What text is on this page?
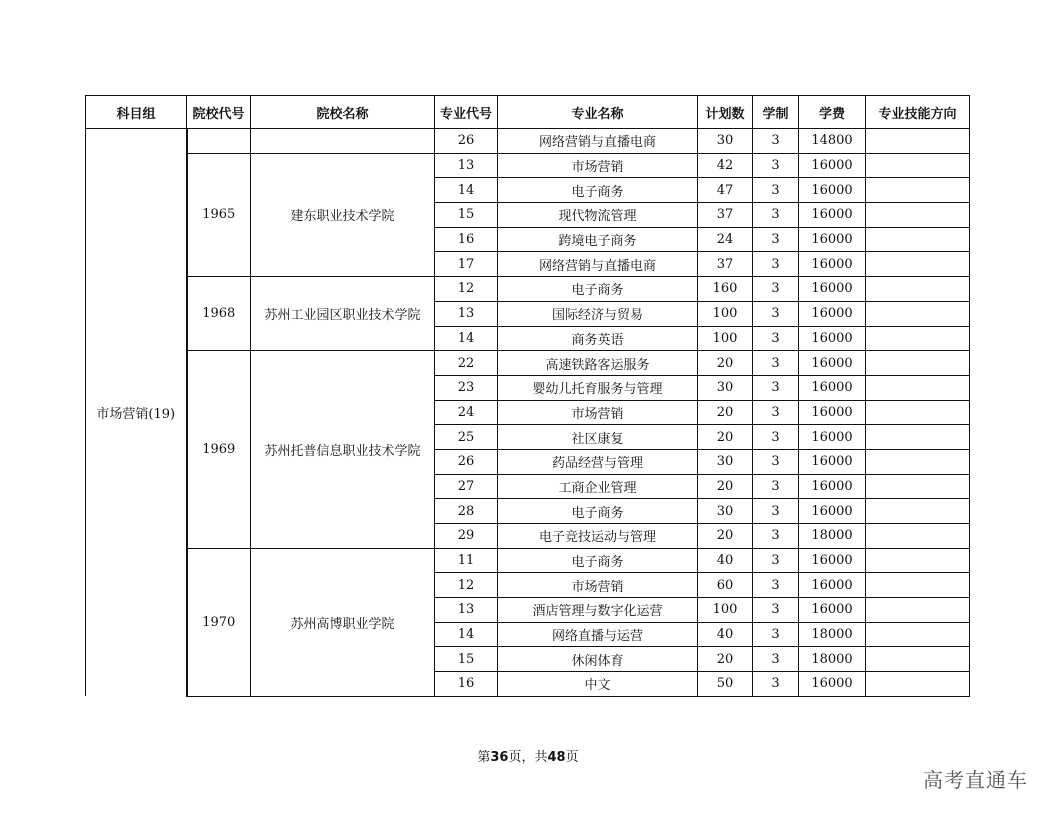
科目组	院校代号	院校名称	专业代号	专业名称	计划数	学制	学费	专业技能方向
市场营销(19)			26	网络营销与直播电商	30	3	14800	
	1965	建东职业技术学院	13	市场营销	42	3	16000	
			14	电子商务	47	3	16000	
			15	现代物流管理	37	3	16000	
			16	跨境电子商务	24	3	16000	
			17	网络营销与直播电商	37	3	16000	
	1968	苏州工业园区职业技术学院	12	电子商务	160	3	16000	
			13	国际经济与贸易	100	3	16000	
			14	商务英语	100	3	16000	
	1969	苏州托普信息职业技术学院	22	高速铁路客运服务	20	3	16000	
			23	婴幼儿托育服务与管理	30	3	16000	
			24	市场营销	20	3	16000	
			25	社区康复	20	3	16000	
			26	药品经营与管理	30	3	16000	
			27	工商企业管理	20	3	16000	
			28	电子商务	30	3	16000	
			29	电子竞技运动与管理	20	3	18000	
	1970	苏州高博职业学院	11	电子商务	40	3	16000	
			12	市场营销	60	3	16000	
			13	酒店管理与数字化运营	100	3	16000	
			14	网络直播与运营	40	3	18000	
			15	休闲体育	20	3	18000	
			16	中文	50	3	16000	
第36页，共48页
高考直通车
